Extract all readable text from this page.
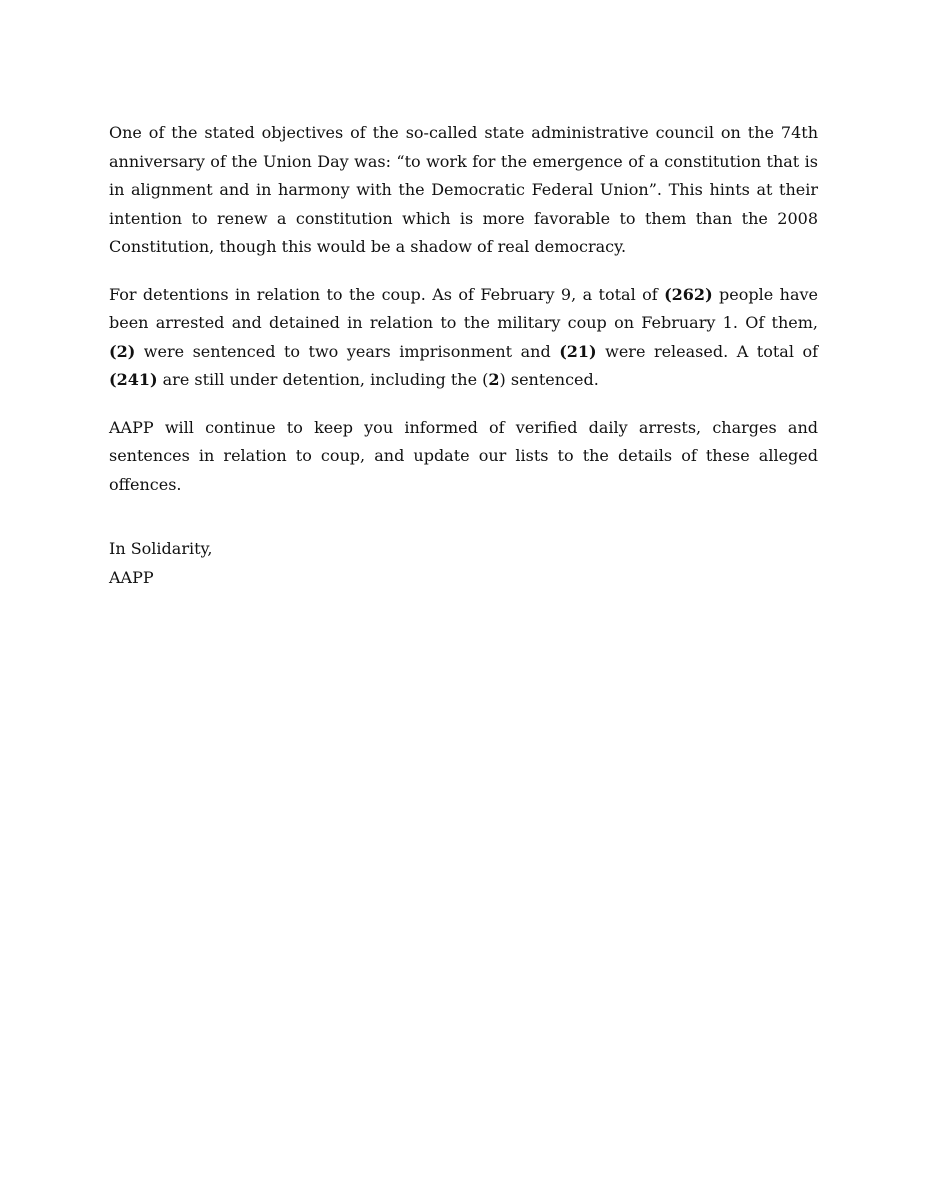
One of the stated objectives of the so-called state administrative council on the 74th anniversary of the Union Day was: “to work for the emergence of a constitution that is in alignment and in harmony with the Democratic Federal Union”. This hints at their intention to renew a constitution which is more favorable to them than the 2008 Constitution, though this would be a shadow of real democracy.

For detentions in relation to the coup. As of February 9, a total of (262) people have been arrested and detained in relation to the military coup on February 1. Of them, (2) were sentenced to two years imprisonment and (21) were released. A total of (241) are still under detention, including the (2) sentenced.

AAPP will continue to keep you informed of verified daily arrests, charges and sentences in relation to coup, and update our lists to the details of these alleged offences.

In Solidarity,
AAPP
